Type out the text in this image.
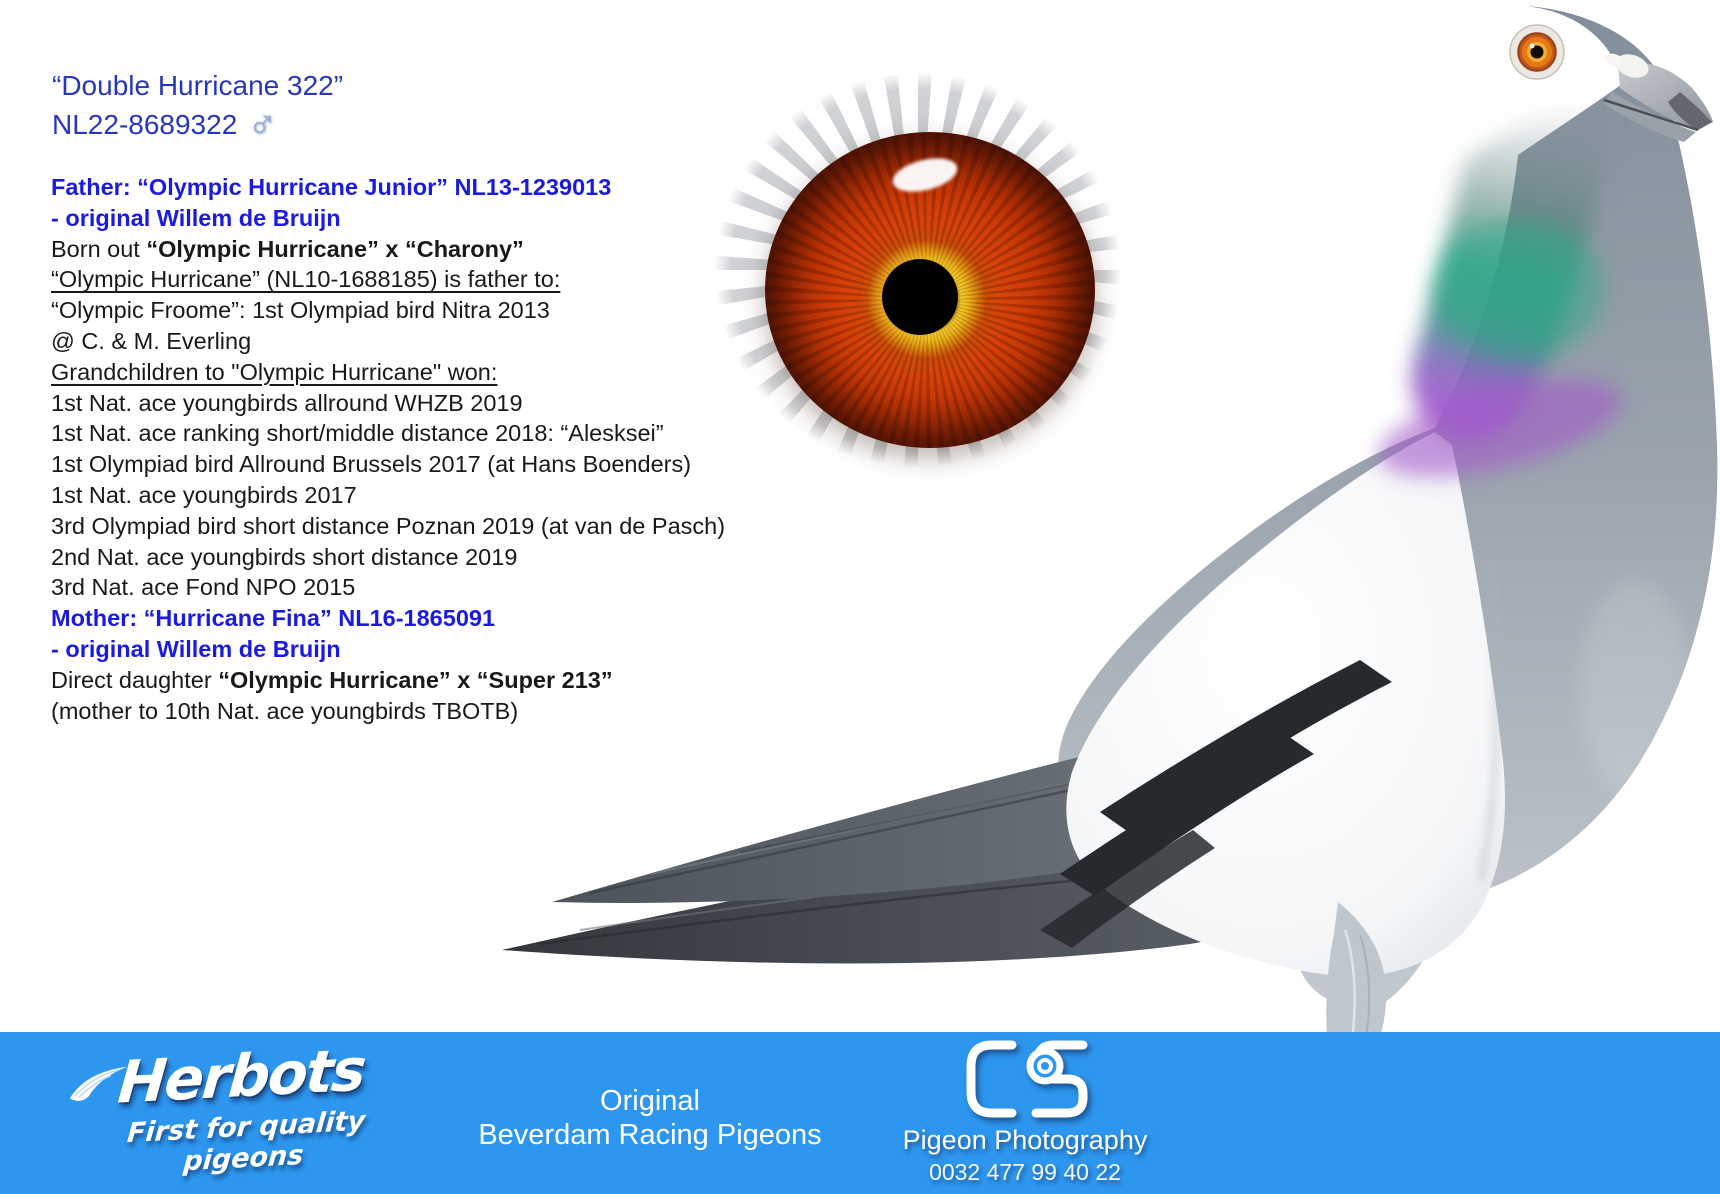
“Double Hurricane 322”
NL22-8689322 ♂
Father: “Olympic Hurricane Junior” NL13-1239013
- original Willem de Bruijn
Born out “Olympic Hurricane” x “Charony”
“Olympic Hurricane” (NL10-1688185) is father to:
“Olympic Froome”: 1st Olympiad bird Nitra 2013
@ C. & M. Everling
Grandchildren to "Olympic Hurricane" won:
1st Nat. ace youngbirds allround WHZB 2019
1st Nat. ace ranking short/middle distance 2018: “Alesksei”
1st Olympiad bird Allround Brussels 2017 (at Hans Boenders)
1st Nat. ace youngbirds 2017
3rd Olympiad bird short distance Poznan 2019 (at van de Pasch)
2nd Nat. ace youngbirds short distance 2019
3rd Nat. ace Fond NPO 2015
Mother: “Hurricane Fina” NL16-1865091
- original Willem de Bruijn
Direct daughter “Olympic Hurricane” x “Super 213”
(mother to 10th Nat. ace youngbirds TBOTB)
Herbots
First for quality pigeons
Original
Beverdam Racing Pigeons	Pigeon Photography
0032 477 99 40 22
